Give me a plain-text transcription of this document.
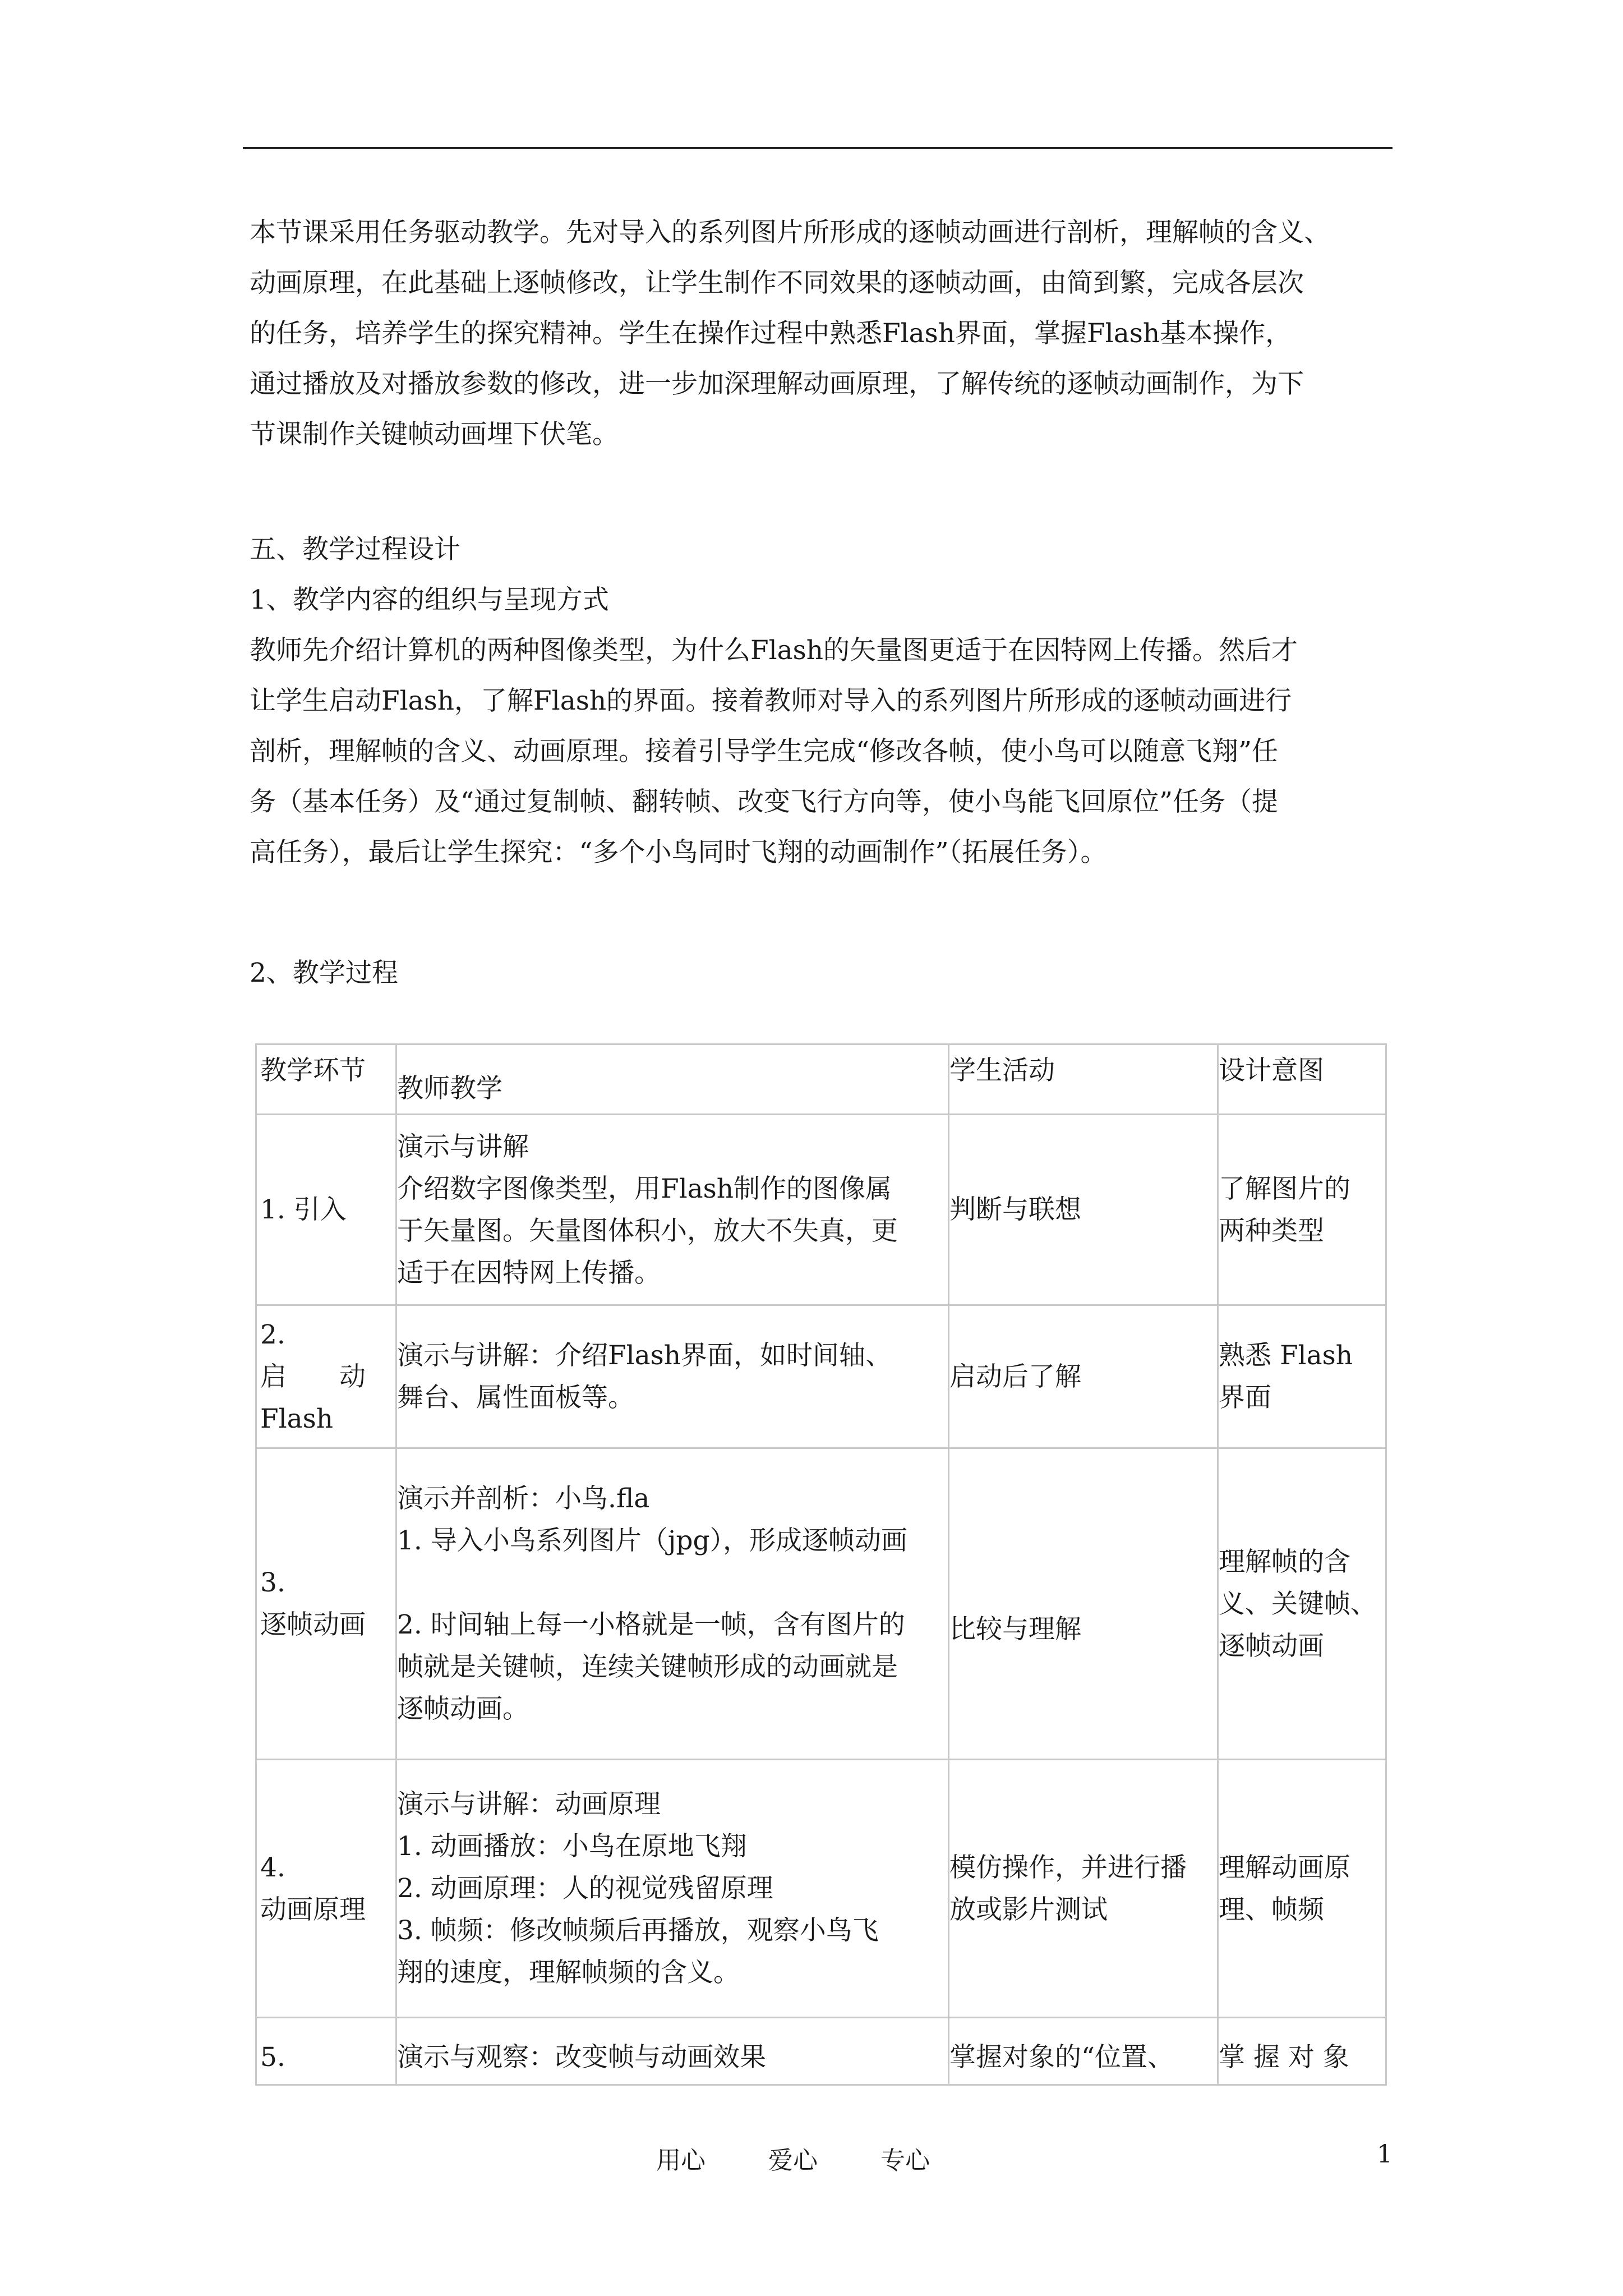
本节课采用任务驱动教学。先对导入的系列图片所形成的逐帧动画进行剖析，理解帧的含义、
动画原理，在此基础上逐帧修改，让学生制作不同效果的逐帧动画，由简到繁，完成各层次
的任务，培养学生的探究精神。学生在操作过程中熟悉Flash界面，掌握Flash基本操作，
通过播放及对播放参数的修改，进一步加深理解动画原理，了解传统的逐帧动画制作，为下
节课制作关键帧动画埋下伏笔。

五、教学过程设计

1、教学内容的组织与呈现方式

教师先介绍计算机的两种图像类型，为什么Flash的矢量图更适于在因特网上传播。然后才
让学生启动Flash，了解Flash的界面。接着教师对导入的系列图片所形成的逐帧动画进行
剖析，理解帧的含义、动画原理。接着引导学生完成“修改各帧，使小鸟可以随意飞翔”任
务（基本任务）及“通过复制帧、翻转帧、改变飞行方向等，使小鸟能飞回原位”任务（提
高任务），最后让学生探究：“多个小鸟同时飞翔的动画制作”（拓展任务）。

2、教学过程

教学环节	教师教学	学生活动	设计意图

1. 引入	演示与讲解
介绍数字图像类型，用Flash制作的图像属
于矢量图。矢量图体积小，放大不失真，更
适于在因特网上传播。	判断与联想	了解图片的
两种类型

2.
启　　动
Flash	演示与讲解：介绍Flash界面，如时间轴、
舞台、属性面板等。	启动后了解	熟悉 Flash
界面

3.
逐帧动画	演示并剖析：小鸟.fla
1. 导入小鸟系列图片（jpg），形成逐帧动画
2. 时间轴上每一小格就是一帧，含有图片的
帧就是关键帧，连续关键帧形成的动画就是
逐帧动画。	比较与理解	理解帧的含
义、关键帧、
逐帧动画

4.
动画原理	演示与讲解：动画原理
1. 动画播放：小鸟在原地飞翔
2. 动画原理：人的视觉残留原理
3. 帧频：修改帧频后再播放，观察小鸟飞
翔的速度，理解帧频的含义。	模仿操作，并进行播
放或影片测试	理解动画原
理、帧频

5.	演示与观察：改变帧与动画效果	掌握对象的“位置、	掌 握 对 象
用心	爱心	专心	1
